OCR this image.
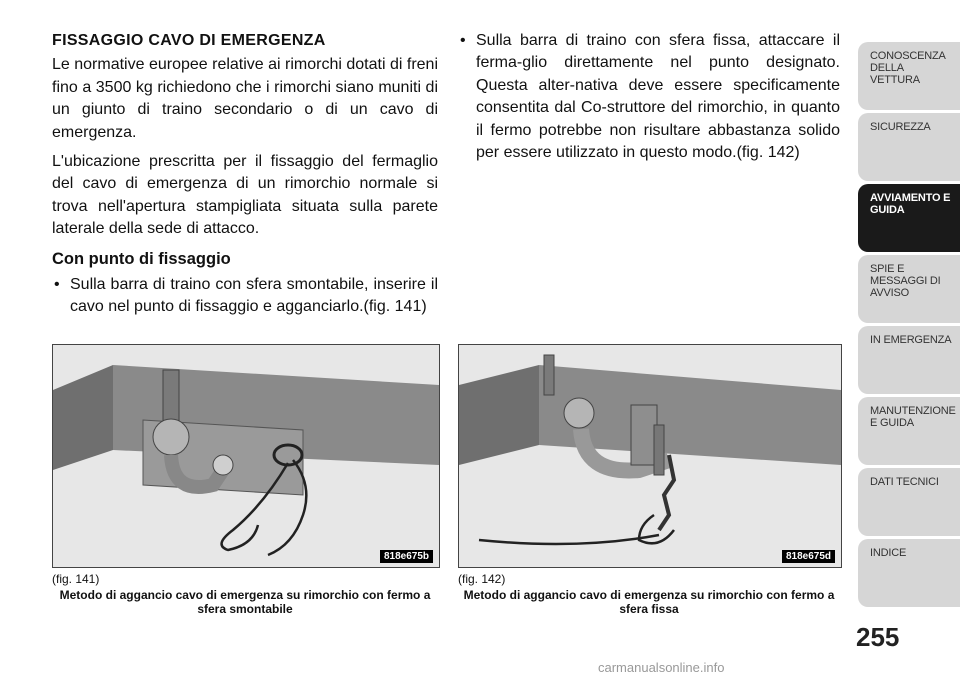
FISSAGGIO CAVO DI EMERGENZA

Le normative europee relative ai rimorchi dotati di freni fino a 3500 kg richiedono che i rimorchi siano muniti di un giunto di traino secondario o di un cavo di emergenza.

L'ubicazione prescritta per il fissaggio del fermaglio del cavo di emergenza di un rimorchio normale si trova nell'apertura stampigliata situata sulla parete laterale della sede di attacco.

Con punto di fissaggio
• Sulla barra di traino con sfera smontabile, inserire il cavo nel punto di fissaggio e agganciarlo.(fig. 141)
• Sulla barra di traino con sfera fissa, attaccare il ferma-glio direttamente nel punto designato. Questa alter-nativa deve essere specificamente consentita dal Co-struttore del rimorchio, in quanto il fermo potrebbe non risultare abbastanza solido per essere utilizzato in questo modo.(fig. 142)
818e675b	818e675d
(fig. 141)
Metodo di aggancio cavo di emergenza su rimorchio con fermo a sfera smontabile
(fig. 142)
Metodo di aggancio cavo di emergenza su rimorchio con fermo a sfera fissa
CONOSCENZA DELLA VETTURA
SICUREZZA
AVVIAMENTO E GUIDA
SPIE E MESSAGGI DI AVVISO
IN EMERGENZA
MANUTENZIONE E GUIDA
DATI TECNICI
INDICE
255
carmanualsonline.info
